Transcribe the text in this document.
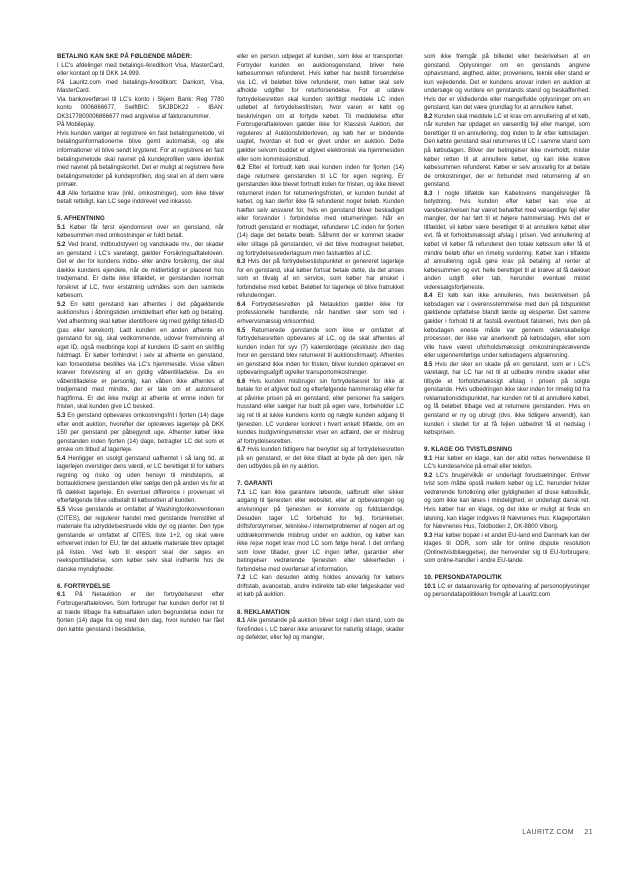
BETALING KAN SKE PÅ FØLGENDE MÅDER:

I LC's afdelinger med betalings-/kreditkort Visa, MasterCard, eller kontant op til DKK 14.999.

På Lauritz.com med betalings-/kreditkort: Dankort, Visa, MasterCard.

Via bankoverførsel til LC's konto i Skjern Bank: Reg 7780 konto 0006866677, SwiftBIC: SKJBDK22 - IBAN: DK3177800006866677 med angivelse af fakturanummer.

På Mobilepay.

Hvis kunden vælger at registrere en fast betalingsmetode, vil betalingsinformationerne blive gemt automatisk, og alle informationer vil blive sendt krypteret. For at registrere en fast betalingsmetode skal navnet på kundeprofilen være identisk med navnet på betalingskortet. Det er muligt at registrere flere betalingsmetoder på kundeprofilen, dog skal en af dem være primær.

4.8 Alle fortaldne krav (inkl. omkostninger), som ikke bliver betalt rettidigt, kan LC sege inddrevet ved inkasso.

5. AFHENTNING

5.1 Køber får først ejendomsret over en genstand, når købesummen med omkostninger er fuldt betalt.

5.2 Ved brand, indbrudstyveri og vandskade mv., der skader en genstand i LC's varetægt, gælder Forsikringsaftaleloven. Det er der for kundens indbo- eller andre forsikring, der skal dække kundens ejendele, når de midlertidigt er placeret hos tredjemand. Er dette ikke tilfældet, er genstanden normalt forsikret af LC, hvor erstatning udmåles som den samlede købesum.

5.2 En købt genstand kan afhentes i det pågældende auktionshus i åbningstiden umiddelbart efter køb og betaling. Ved afhentning skal køber identificere sig med gyldigt billed-ID (pas eller kørekort). Ladt kunden en anden afhente en genstand for sig, skal vedkommende, udover fremvisning af eget ID, også medbringe kopi af kundens ID samt en skriftlig fuldmagt. Er køber forhindret i selv at afhente en genstand, kan forsendelse bestilles via LC's hjemmeside. Visse våben kræver forevisning af en gyldig våbentilladelse. Da en våbentilladelse er personlig, kan våben ikke afhentes af tredjemand med mindre, der er tale om et autoriseret fragtfirma. Er det ikke muligt at afhente et emne inden for fristen, skal kunden give LC besked.

5.3 En genstand opbevares omkostningsfrit i fjorten (14) dage efter endt auktion, hvorefter der opkræves lagerleje på DKK 150 per genstand per påbegyndt uge. Afhenter køber ikke genstanden inden fjorten (14) dage, betragter LC det som et ønske om tilbud af lagerleje.

5.4 Henligger en usolgt genstand uafhentet i så lang tid, at lagerlejen overstiger dens værdi, er LC berettiget til for købers regning og risiko og uden hensyn til mindstepris, at bortauktionere genstanden eller sælge den på anden vis for at få dækket lagerleje. En eventuel difference i provenuet vil efterfølgende blive udbetalt til købsretten af kunden.

5.5 Visse genstande er omfattet af Washingtonkonventionen (CITES), der regulerer handel med genstande fremstillet af materiale fra udryddelsestruede vilde dyr og planter. Den type genstande er omfattet af CITES, liste 1+2, og skal være erhvervet inden for EU, før det aktuelle materiale blev optaget på listen. Ved køb til eksport skal der søges en reeksporttilladelse, som køber selv skal indhente hos de danske myndigheder.

6. FORTRYDELSE

6.1 På Netauktion er der fortrydelsesret efter Forbrugeraftaleloven. Som forbruger har kunden derfor ret til at træde tilbage fra købsaftalen uden begrundelse inden for fjorten (14) dage fra og med den dag, hvor kunden har fået den købte genstand i besiddelse,

eller en person udpeget af kunden, som ikke er transportør. Fortryder kunden en auktionsgenstand, bliver hele købesummen refunderet. Hvis køber har bestilt forsendelse via LC, vil beløbet blive refunderet, men køber skal selv afholde udgifter for returforsendelse. For at udøve fortrydelsesretten skal kunden skriftligt meddele LC inden udløbet af fortrydelsesfristen, hvor varen er købt og beskrivingen om at fortyde købet. Til meddelelse efter Forbrugeraftaleloven gælder ikke for Klassisk Auktion, der reguleres af Auktionsbilderloven, og køb her er bindende uagtet, hvordan et bud er givet under en auktion. Dette gælder selvom buddet er afgivet elektronisk via hjemmesiden eller som kommissionsbud.

6.2 Efter et fortrudt køb skal kunden inden for fjorten (14) dage returnere genstanden til LC for egen regning. Er genstanden ikke blevet fortrudt inden for fristen, og ikke blevet returneret inden for returneringsfristen, er kunden bundet af købet, og kan derfor ikke få refunderet noget beløb. Kunden hæfter selv ansvaret for, hvis en genstand bliver beskadiget eller forsvinder i forbindelse med returneringen. Når en fortrudt genstand er modtaget, refunderer LC inden for fjorten (14) dage det betalte beløb. Såfremt der er kommet skader eller slitage på genstanden, vil det blive modregnet beløbet, og fortrydelsesvederlagsum men fastsættes af LC.

6.3 Hvis der på fortrydelsestidspunktet er genereret lagerleje for en genstand, skal køber fortsat betale dette, da det anses som et tilvalg af en service, som køber har ønsket i forbindelse med købet. Beløbet for lagerleje vil blive fratrukket refunderingen.

6.4 Fortrydelsesretten på Netauktion gælder ikke for professionelle handlende, når handlen sker som led i erhvervsmæssig virksomhed.

6.5 Returnerede genstande som ikke er omfattet af fortrydelsesretten opbevares af LC, og de skal afhentes af kunden inden for syv (7) kalenderdage (eksklusiv den dag hvor en genstand blev returneret til auktionsfirmaet). Afhentes en genstand ikke inden for fristen, bliver kunden opkrævet en opbevaringsafgift og/eller transportomkostninger.

6.6 Hvis kunden misbruger sin fortrydelsesret for ikke at betale for et afgivet bud og efterfølgende hammerslag eller for at påvirke prisen på en genstand, eller personer fra sælgers husstand eller sælger har budt på egen vare, forbeholder LC sig ret til at lukke kundens konto og nægte kunden adgang til tjenesten. LC vurderer konkret i hvert enkelt tilfælde, om en kundes budgivningsmønster viser en adfærd, der er misbrug af fortrydelsesretten.

6.7 Hvis kunden tidligere har benyttet sig af fortrydelsesretten på en genstand, er det ikke tilladt at byde på den igen, når den udbydes på en ny auktion.

7. GARANTI

7.1 LC kan ikke garantere løbende, uafbrudt eller sikker adgang til tjenesten eller websitet, eller at opbevaringen og anvisninger på tjenesten er korrekte og fuldstændige. Desuden tager LC forbehold for fejl, forsinkelser, driftsforstyrrelser, tekniske-/ internetproblemer af nogen art og uddrækommende misbrug under en auktion, og køber kan ikke rejse noget krav mod LC som følge heraf. I det omfang som lover tillader, giver LC ingen løfter, garantier eller betingelser vedrørende tjenesten eller sikkerheden i forbindelse med overførsel af information.

7.2 LC kan desuden aldrig holdes ansvarlig for købers driftstab, avancetab, andre indirekte tab eller følgeskader ved et køb på auktion.

8. REKLAMATION

8.1 Alle genstande på auktion bliver solgt i den stand, som de forefindes i. LC bærer ikke ansvaret for naturlig slitage, skader og defekter, eller fejl og mangler,

som ikke fremgår på billedet eller beskrivelsen af en genstand. Oplysninger om en genstands angivne ophavsmand, ægthed, alder, proveniens, teknik eller stand er kun vejledende. Det er kundens ansvar inden en auktion at undersøge og vurdere en genstands stand og beskaffenhed. Hvis der er vildledende eller mangelfulde oplysninger om en genstand, kan det være grundlag for at annullere købet.

8.2 Kunden skal meddele LC et krav om annullering af et køb, når kunden har opdaget en væsentlig fejl eller mangel, som berettiger til en annullering, dog inden to år efter købsdagen. Den købte genstand skal returneres til LC i samme stand som på købsdagen. Bliver der betingelser ikke overholdt, mister køber retten til at annullere købet, og kan ikke kræve købesummen refunderet. Køber er selv ansvarlig for at betale de omkostninger, der er forbundet med returnering af en genstand.

8.3 I nogle tilfælde kan Kabelovens mangelsregler få betydning, hvis kunden efter købet kan vise at varebeskrivelsen har været behæftet med væsentlige fejl eller mangler, der har ført til et højere hammerslag. Hvis det er tilfældet, vil køber være berettiget til at annullere købet eller evt. få et forholdsmæssigt afslag i prisen. Ved annullering af købet vil køber få refunderet den totale købssum eller få et mindre beløb efter en rimelig vurdering. Køber kan i tilfælde af annullering også gøre krav på betaling af renter af købesummen og evt. helle berettiget til at kræve at få dækket anden udgift eller tab, herunder eventuel mistet videresalgsfortjeneste.

8.4 Et køb kan ikke annulleres, hvis beskrivelsen på købsdagen var i overensstemmelse med den på tidspunktet gældende opfattelse blandt lærde og eksperter. Det samme gælder i forhold til at fastslå eventuelt falskneri, hvis den på købsdagen eneste måde var gennem videnskabelige processer, der ikke var anerkendt på købsdagen, eller som ville have været uforholdsmæssigt omkostningskrævende eller uigennemførlige under købsdagens afgrænsning.

8.5 Hvis der sker en skade på en genstand, som er i LC's varetægt, har LC har ret til at udbedre mindre skader eller tilbyde et forholdsmæssigt afslag i prisen på solgte genstande. Hvis udbedringen ikke sker inden for rimelig tid fra reklamationstidspunktet, har kunden ret til at annullere købet, og få beløbet tilbage ved at returnere genstanden. Hvis en genstand er ny og ubrugt (dvs. ikke tidligere anvendt), kan kunden i stedet for at få fejlen udbedret få et nedslag i købsprisen.

9. KLAGE OG TVISTLØSNING

9.1 Har køber en klage, kan der altid rettes henvendelse til LC's kundeservice på email eller telefon.

9.2 LC's brugervilkår er underlagt forudsætninger. Enhver tvist som måtte opstå mellem køber og LC, herunder tvister vedrørende fortolkning eller gyldigheden af disse købsvilkår, og som ikke kan løses i mindelighed, er underlagt dansk ret. Hvis køber har en klage, og det ikke er muligt at finde en løsning, kan klager indgives til Nævnenes Hus: Klageportalen for Nævnenes Hus, Toldboden 2, DK-8800 Viborg.

9.3 Har køber bopæl i et andet EU-land end Danmark kan der klages til ODR, som står for online dispute resolution (Onlinetvistbilæggelse), der henvender sig til EU-forbrugere, som online-handler i andre EU-lande.

10. PERSONDATAPOLITIK

10.1 LC er dataansvarlig for opbevaring af personoplysninger og persondatapolitikken fremgår af Lauritz.com

LAURITZ.COM 21
